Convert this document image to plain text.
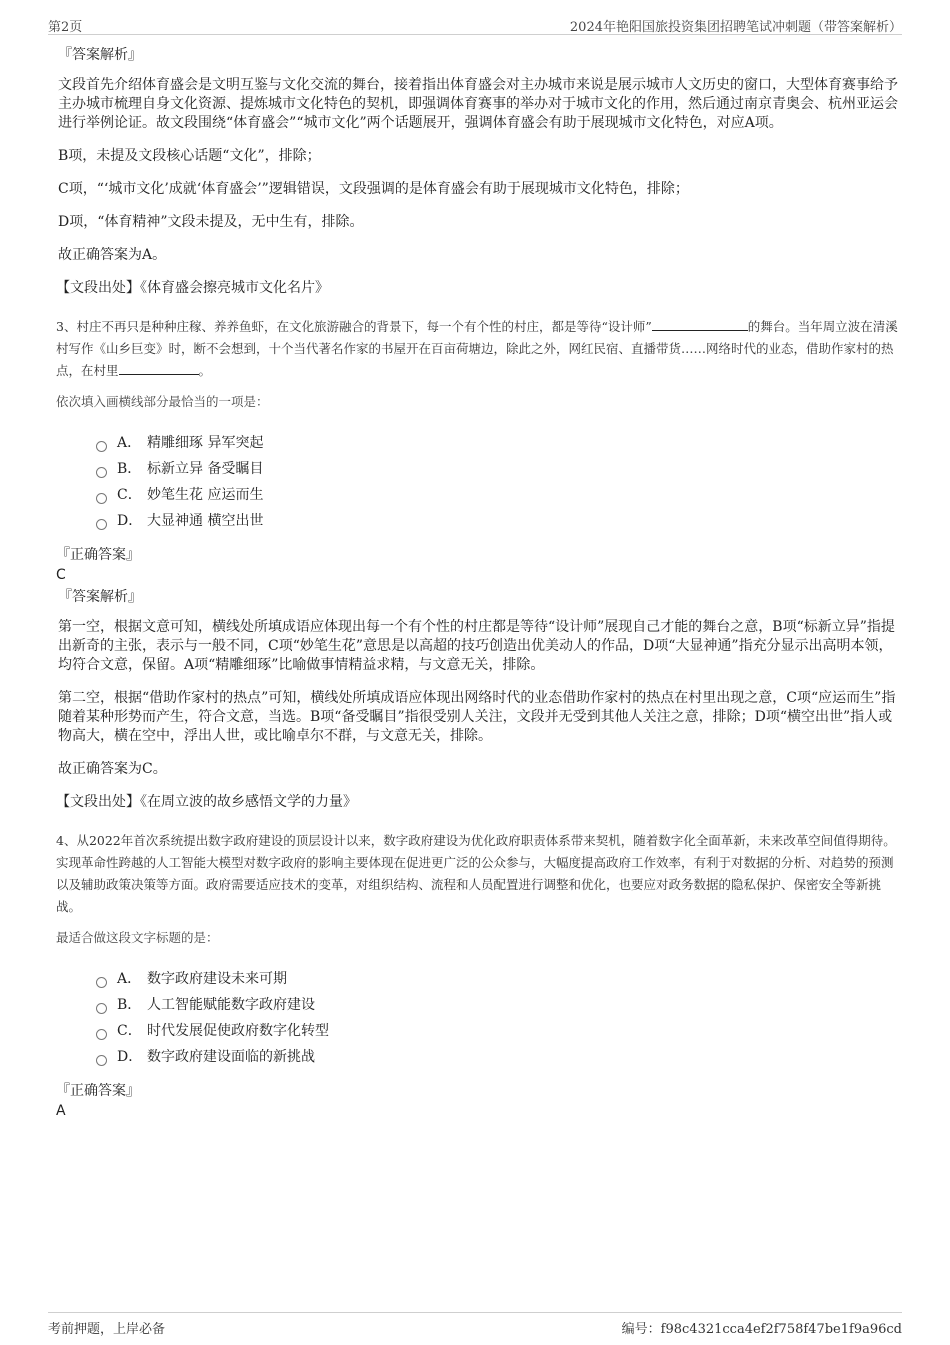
第2页	2024年艳阳国旅投资集团招聘笔试冲刺题（带答案解析）
『答案解析』

文段首先介绍体育盛会是文明互鉴与文化交流的舞台，接着指出体育盛会对主办城市来说是展示城市人文历史的窗口，大型体育赛事给予主办城市梳理自身文化资源、提炼城市文化特色的契机，即强调体育赛事的举办对于城市文化的作用，然后通过南京青奥会、杭州亚运会进行举例论证。故文段围绕“体育盛会”“城市文化”两个话题展开，强调体育盛会有助于展现城市文化特色，对应A项。

B项，未提及文段核心话题“文化”，排除；

C项，“‘城市文化’成就‘体育盛会’”逻辑错误，文段强调的是体育盛会有助于展现城市文化特色，排除；

D项，“体育精神”文段未提及，无中生有，排除。

故正确答案为A。

【文段出处】《体育盛会擦亮城市文化名片》

3、村庄不再只是种种庄稼、养养鱼虾，在文化旅游融合的背景下，每一个有个性的村庄，都是等待“设计师”	的舞台。当年周立波在清溪村写作《山乡巨变》时，断不会想到，十个当代著名作家的书屋开在百亩荷塘边，除此之外，网红民宿、直播带货……网络时代的业态，借助作家村的热点，在村里	。

依次填入画横线部分最恰当的一项是：

A． 精雕细琢 异军突起
B． 标新立异 备受瞩目
C． 妙笔生花 应运而生
D． 大显神通 横空出世
『正确答案』
C
『答案解析』

第一空，根据文意可知，横线处所填成语应体现出每一个有个性的村庄都是等待“设计师”展现自己才能的舞台之意，B项“标新立异”指提出新奇的主张，表示与一般不同，C项“妙笔生花”意思是以高超的技巧创造出优美动人的作品，D项“大显神通”指充分显示出高明本领，均符合文意，保留。A项“精雕细琢”比喻做事情精益求精，与文意无关，排除。

第二空，根据“借助作家村的热点”可知，横线处所填成语应体现出网络时代的业态借助作家村的热点在村里出现之意，C项“应运而生”指随着某种形势而产生，符合文意，当选。B项“备受瞩目”指很受别人关注，文段并无受到其他人关注之意，排除；D项“横空出世”指人或物高大，横在空中，浮出人世，或比喻卓尔不群，与文意无关，排除。

故正确答案为C。

【文段出处】《在周立波的故乡感悟文学的力量》

4、从2022年首次系统提出数字政府建设的顶层设计以来，数字政府建设为优化政府职责体系带来契机，随着数字化全面革新，未来改革空间值得期待。实现革命性跨越的人工智能大模型对数字政府的影响主要体现在促进更广泛的公众参与，大幅度提高政府工作效率，有利于对数据的分析、对趋势的预测以及辅助政策决策等方面。政府需要适应技术的变革，对组织结构、流程和人员配置进行调整和优化，也要应对政务数据的隐私保护、保密安全等新挑战。

最适合做这段文字标题的是：

A． 数字政府建设未来可期
B． 人工智能赋能数字政府建设
C． 时代发展促使政府数字化转型
D． 数字政府建设面临的新挑战
『正确答案』
A
考前押题，上岸必备	编号：f98c4321cca4ef2f758f47be1f9a96cd
